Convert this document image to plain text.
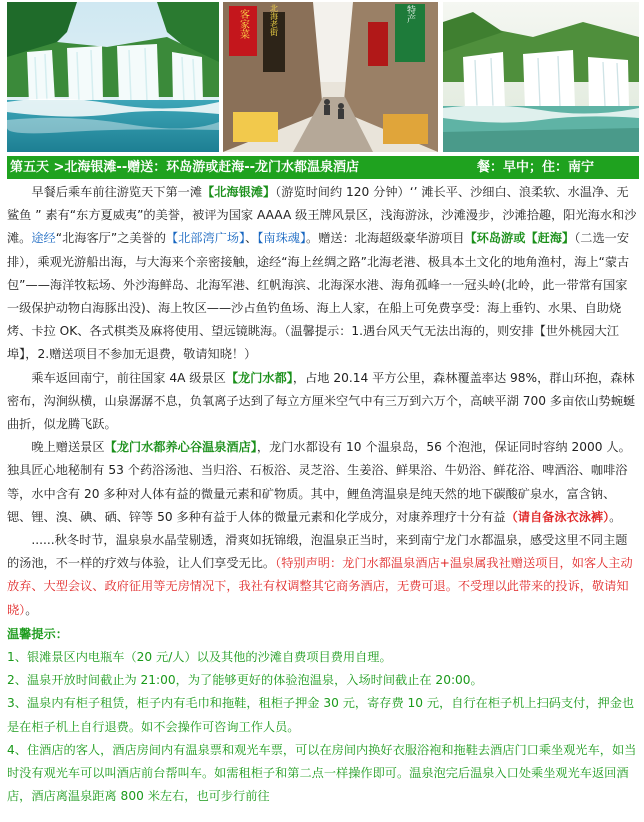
客家菜	北海老街	特产
第五天 >北海银滩--赠送：环岛游或赶海--龙门水都温泉酒店	餐：早中；住：南宁

早餐后乘车前往游览天下第一滩【北海银滩】（游览时间约 120 分钟）‘’ 滩长平、沙细白、浪柔软、水温净、无鲨鱼 ” 素有“东方夏威夷”的美誉，被评为国家 AAAA 级王牌风景区，浅海游泳，沙滩漫步，沙滩拾趣，阳光海水和沙滩。途经“北海客厅”之美誉的【北部湾广场】、【南珠魂】。赠送：北海超级豪华游项目【环岛游或【赶海】（二选一安排），乘观光游船出海，与大海来个亲密接触，途经“海上丝绸之路”北海老港、极具本土文化的地角渔村，海上“蒙古包”——海洋牧耘场、外沙海鲜岛、北海军港、红帆海滨、北海深水港、海角孤峰一一冠头岭(北岭，此一带常有国家一级保护动物白海豚出没)、海上牧区——沙占鱼钓鱼场、海上人家，在船上可免费享受：海上垂钓、水果、自助烧烤、卡拉 OK、各式棋类及麻将使用、望远镜眺海。（温馨提示：1.遇台风天气无法出海的，则安排【世外桃园大江埠】，2.赠送项目不参加无退费，敬请知晓！）

乘车返回南宁，前往国家 4A 级景区【龙门水都】，占地 20.14 平方公里，森林覆盖率达 98%，群山环抱，森林密布，沟涧纵横，山泉潺潺不息，负氧离子达到了每立方厘米空气中有三万到六万个，高峡平湖 700 多亩依山势蜿蜒曲折，似龙腾飞跃。

晚上赠送景区【龙门水都养心谷温泉酒店】，龙门水都设有 10 个温泉岛，56 个泡池，保证同时容纳 2000 人。独具匠心地秘制有 53 个药浴汤池、当归浴、石板浴、灵芝浴、生姜浴、鲜果浴、牛奶浴、鲜花浴、啤酒浴、咖啡浴等，水中含有 20 多种对人体有益的微量元素和矿物质。其中，鲤鱼湾温泉是纯天然的地下碳酸矿泉水，富含钠、锶、锂、溴、碘、硒、锌等 50 多种有益于人体的微量元素和化学成分，对康养理疗十分有益（请自备泳衣泳裤）。

......秋冬时节，温泉泉水晶莹剔透，滑爽如抚锦缎，泡温泉正当时，来到南宁龙门水都温泉，感受这里不同主题的汤池，不一样的疗效与体验，让人们享受无比。（特别声明：龙门水都温泉酒店+温泉属我社赠送项目，如客人主动放弃、大型会议、政府征用等无房情况下，我社有权调整其它商务酒店，无费可退。不受理以此带来的投诉，敬请知晓）。

温馨提示：

1、银滩景区内电瓶车（20 元/人）以及其他的沙滩自费项目费用自理。

2、温泉开放时间截止为 21:00，为了能够更好的体验泡温泉，入场时间截止在 20:00。

3、温泉内有柜子租赁，柜子内有毛巾和拖鞋，租柜子押金 30 元，寄存费 10 元，自行在柜子机上扫码支付，押金也是在柜子机上自行退费。如不会操作可咨询工作人员。

4、住酒店的客人，酒店房间内有温泉票和观光车票，可以在房间内换好衣服浴袍和拖鞋去酒店门口乘坐观光车，如当时没有观光车可以叫酒店前台帮叫车。如需租柜子和第二点一样操作即可。温泉泡完后温泉入口处乘坐观光车返回酒店，酒店离温泉距离 800 米左右，也可步行前往
